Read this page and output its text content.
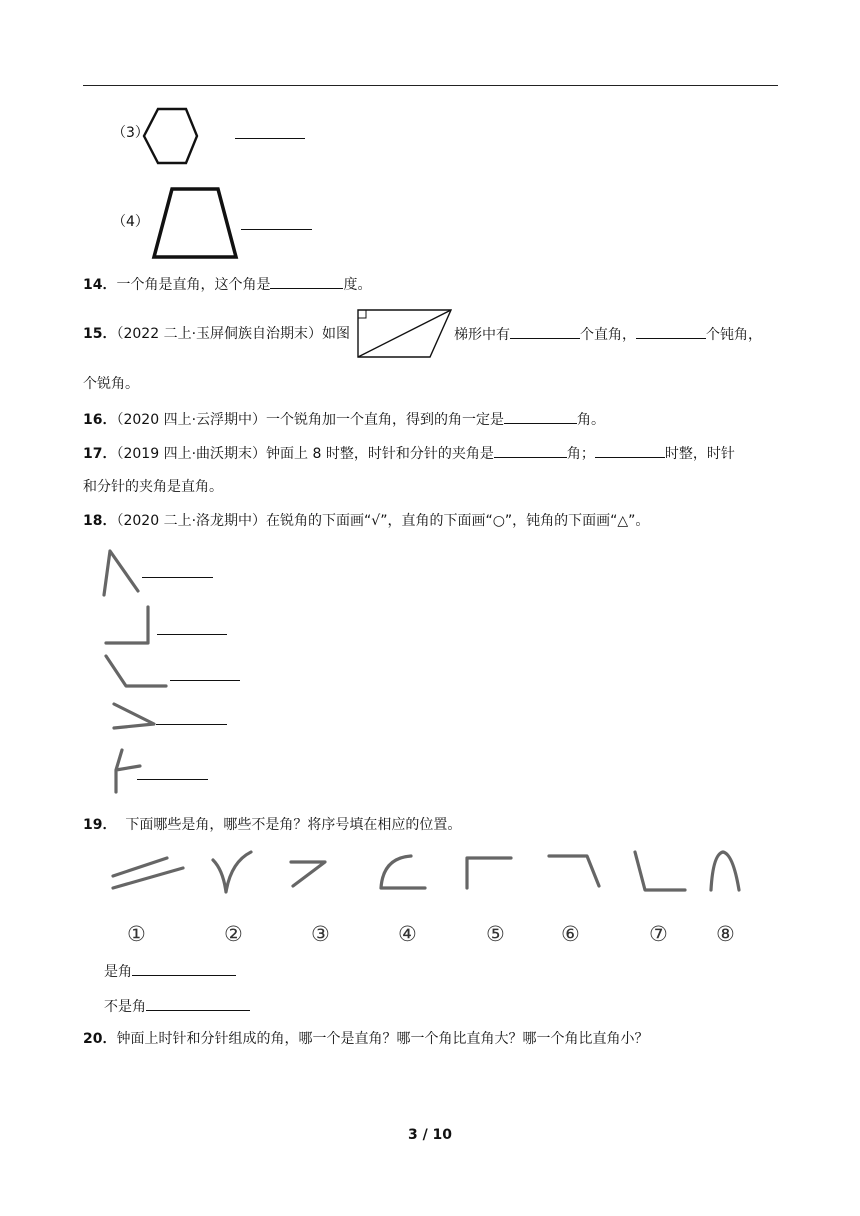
（3）
（4）
14．一个角是直角，这个角是	度。
15．（2022 二上·玉屏侗族自治期末）如图	梯形中有	个直角，	个钝角，
个锐角。
16．（2020 四上·云浮期中）一个锐角加一个直角，得到的角一定是	角。
17．（2019 四上·曲沃期末）钟面上 8 时整，时针和分针的夹角是	角；	时整，时针
和分针的夹角是直角。
18．（2020 二上·洛龙期中）在锐角的下面画“√”，直角的下面画“○”，钝角的下面画“△”。
19． 下面哪些是角，哪些不是角？将序号填在相应的位置。
①	②	③	④	⑤	⑥	⑦ ⑧
是角
不是角
20．钟面上时针和分针组成的角，哪一个是直角？哪一个角比直角大？哪一个角比直角小？
3 / 10
